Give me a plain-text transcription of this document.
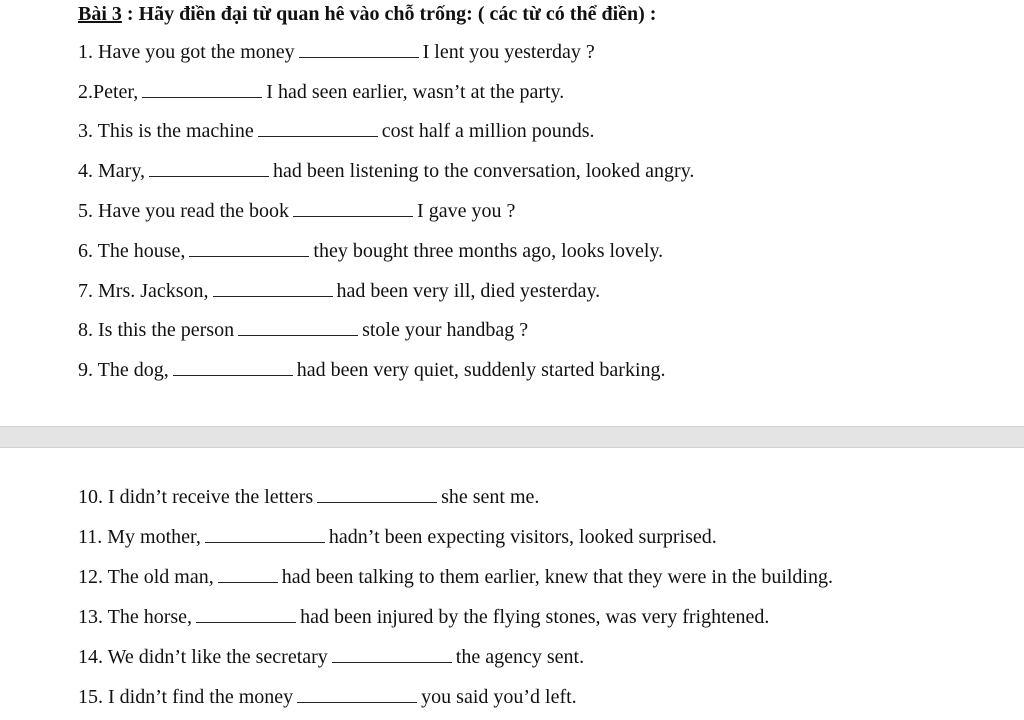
Bài 3 : Hãy điền đại từ quan hê vào chỗ trống: ( các từ có thể điền) :
1. Have you got the money	I lent you yesterday ?
2.Peter,	I had seen earlier, wasn’t at the party.
3. This is the machine	cost half a million pounds.
4. Mary,	had been listening to the conversation, looked angry.
5. Have you read the book	I gave you ?
6. The house,	they bought three months ago, looks lovely.
7. Mrs. Jackson,	had been very ill, died yesterday.
8. Is this the person	stole your handbag ?
9. The dog,	had been very quiet, suddenly started barking.
10. I didn’t receive the letters	she sent me.
11. My mother,	hadn’t been expecting visitors, looked surprised.
12. The old man,	had been talking to them earlier, knew that they were in the building.
13. The horse,	had been injured by the flying stones, was very frightened.
14. We didn’t like the secretary	the agency sent.
15. I didn’t find the money	you said you’d left.
